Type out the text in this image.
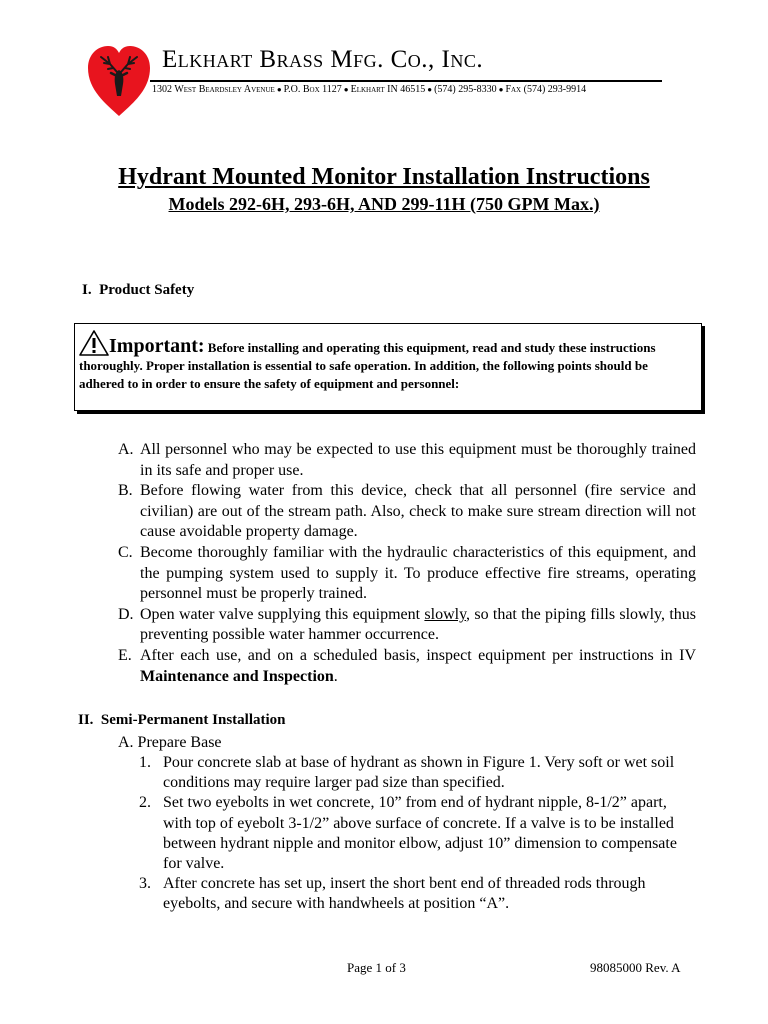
Elkhart Brass Mfg. Co., Inc.
1302 West Beardsley Avenue ● P.O. Box 1127 ● Elkhart IN 46515 ● (574) 295-8330 ● Fax (574) 293-9914
Hydrant Mounted Monitor Installation Instructions
Models 292-6H, 293-6H, AND 299-11H (750 GPM Max.)
I.  Product Safety
Important: Before installing and operating this equipment, read and study these instructions thoroughly. Proper installation is essential to safe operation. In addition, the following points should be adhered to in order to ensure the safety of equipment and personnel:
A. All personnel who may be expected to use this equipment must be thoroughly trained in its safe and proper use.
B. Before flowing water from this device, check that all personnel (fire service and civilian) are out of the stream path. Also, check to make sure stream direction will not cause avoidable property damage.
C. Become thoroughly familiar with the hydraulic characteristics of this equipment, and the pumping system used to supply it. To produce effective fire streams, operating personnel must be properly trained.
D. Open water valve supplying this equipment slowly, so that the piping fills slowly, thus preventing possible water hammer occurrence.
E. After each use, and on a scheduled basis, inspect equipment per instructions in IV Maintenance and Inspection.
II.  Semi-Permanent Installation
A. Prepare Base
1. Pour concrete slab at base of hydrant as shown in Figure 1. Very soft or wet soil conditions may require larger pad size than specified.
2. Set two eyebolts in wet concrete, 10” from end of hydrant nipple, 8-1/2” apart, with top of eyebolt 3-1/2” above surface of concrete. If a valve is to be installed between hydrant nipple and monitor elbow, adjust 10” dimension to compensate for valve.
3. After concrete has set up, insert the short bent end of threaded rods through eyebolts, and secure with handwheels at position “A”.
Page 1 of 3	98085000 Rev. A
